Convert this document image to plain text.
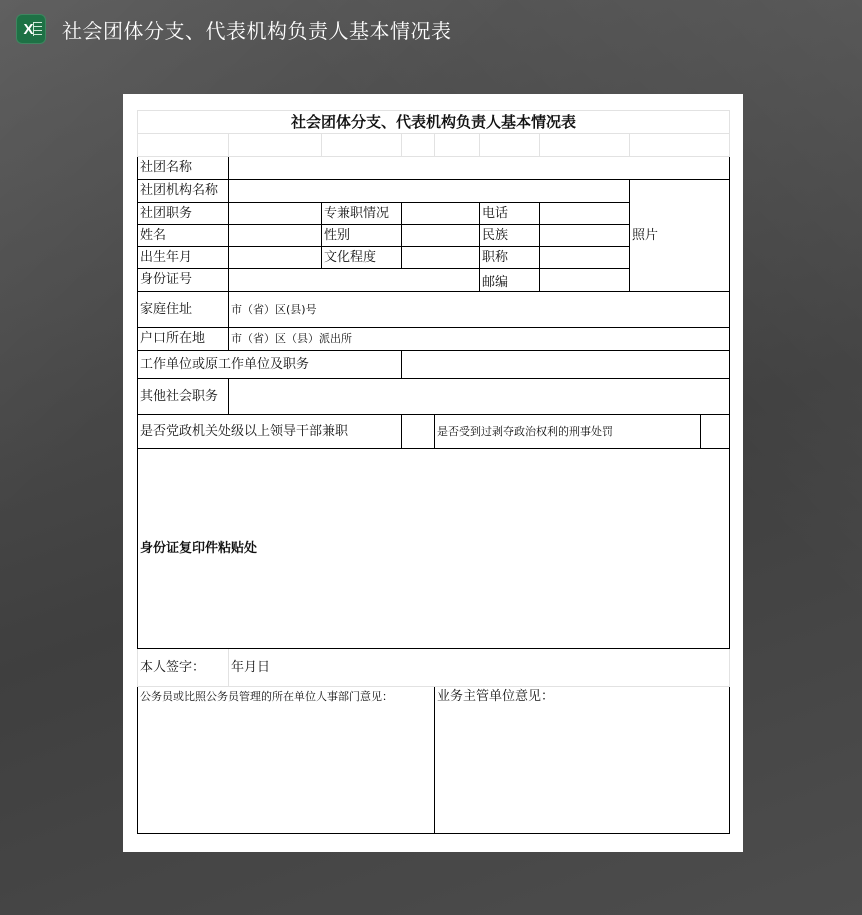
X 社会团体分支、代表机构负责人基本情况表
社会团体分支、代表机构负责人基本情况表								

社团名称								
社团机构名称							照片	
社团职务		专兼职情况			电话			
姓名		性别			民族			
出生年月		文化程度			职称			
身份证号					邮编			
家庭住址	市（省）区(县)号							
户口所在地	市（省）区（县）派出所							
工作单位或原工作单位及职务								
其他社会职务								
是否党政机关处级以上领导干部兼职				是否受到过剥夺政治权利的刑事处罚				
身份证复印件粘贴处								
本人签字：	年月日							
公务员或比照公务员管理的所在单位人事部门意见：				业务主管单位意见：				
